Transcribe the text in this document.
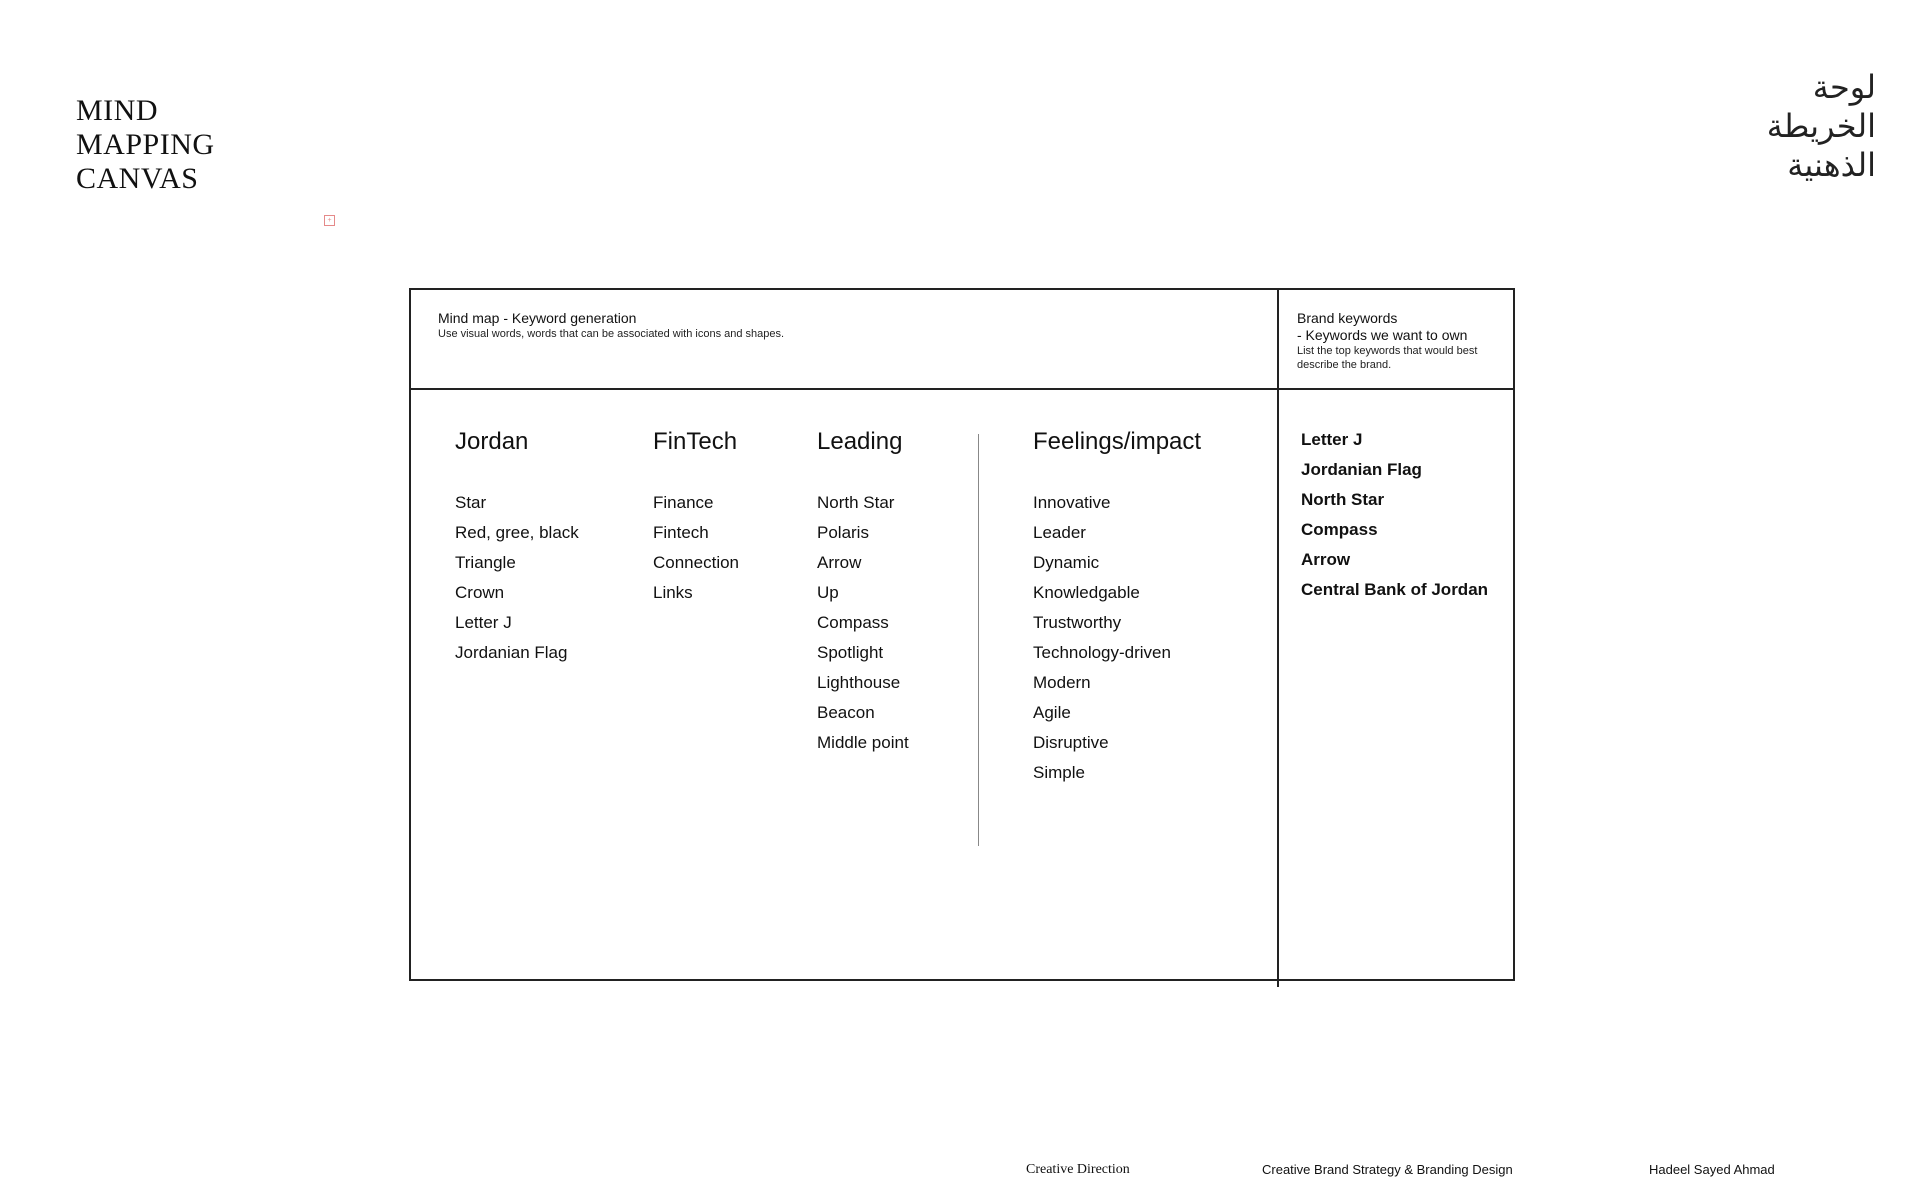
MIND
MAPPING
CANVAS
لوحة
الخريطة
الذهنية
+
Mind map - Keyword generation
Use visual words, words that can be associated with icons and shapes.
Brand keywords
- Keywords we want to own
List the top keywords that would best describe the brand.
Jordan
Star
Red, gree, black
Triangle
Crown
Letter J
Jordanian Flag
FinTech
Finance
Fintech
Connection
Links
Leading
North Star
Polaris
Arrow
Up
Compass
Spotlight
Lighthouse
Beacon
Middle point
Feelings/impact
Innovative
Leader
Dynamic
Knowledgable
Trustworthy
Technology-driven
Modern
Agile
Disruptive
Simple
Letter J
Jordanian Flag
North Star
Compass
Arrow
Central Bank of Jordan
Creative Direction	Creative Brand Strategy & Branding Design	Hadeel Sayed Ahmad
